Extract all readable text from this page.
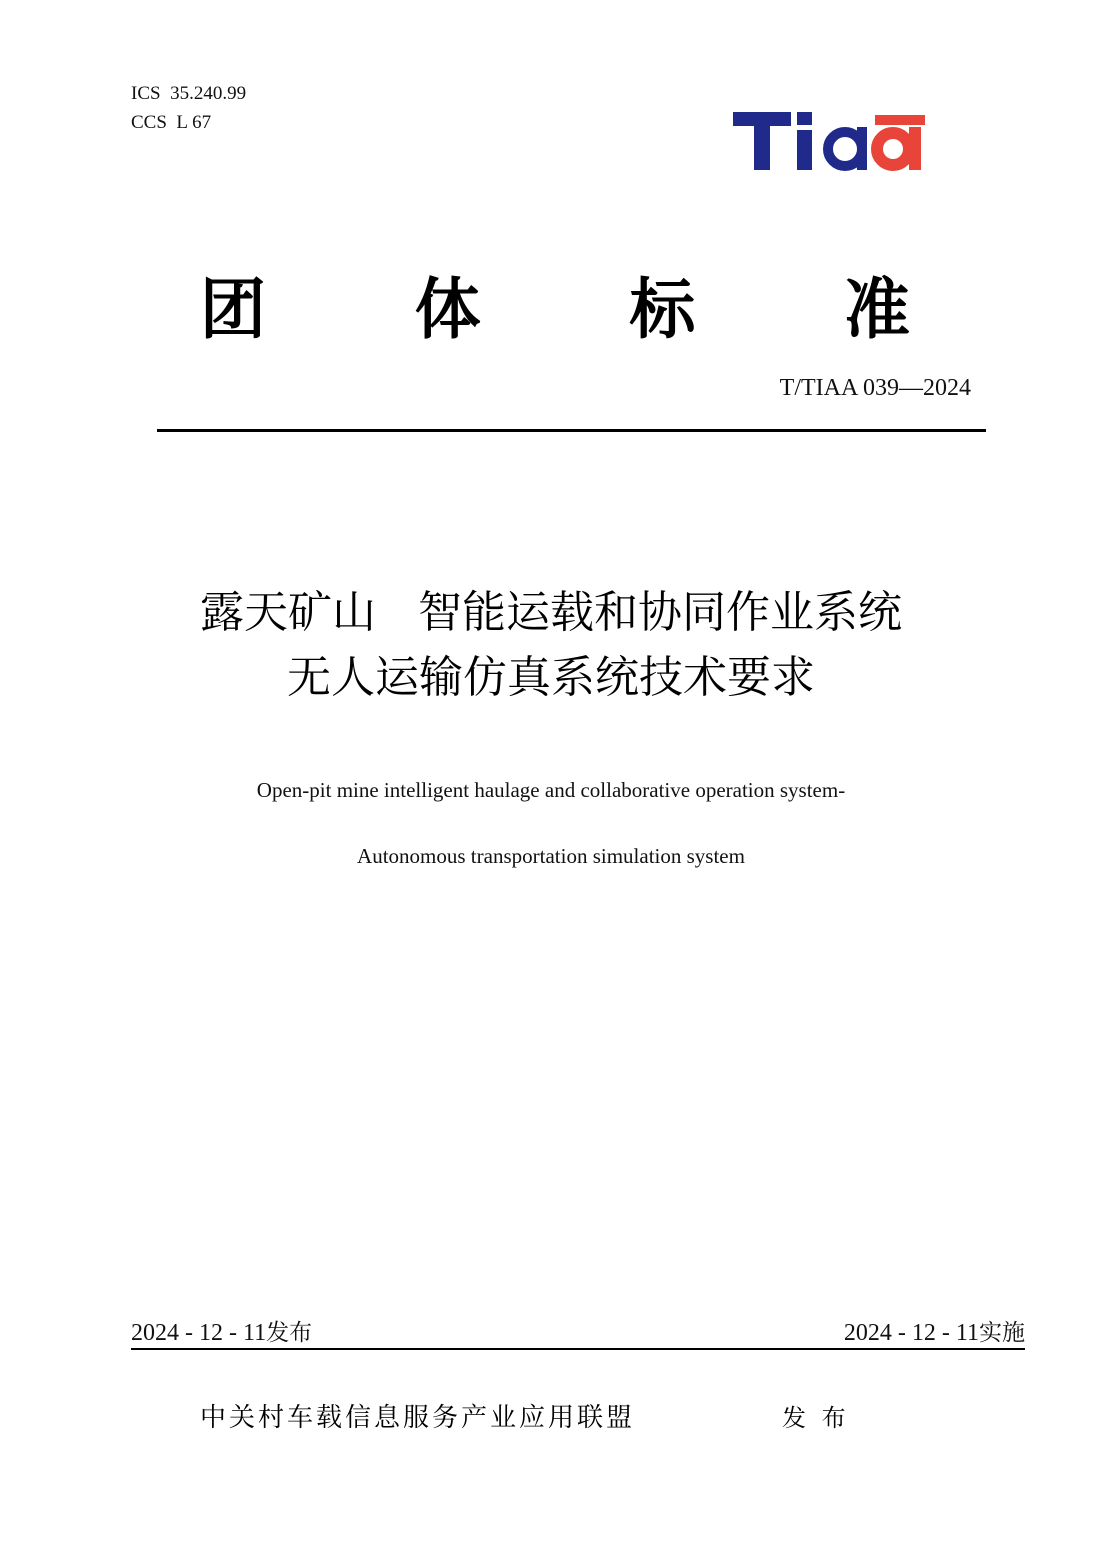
ICS  35.240.99
CCS  L 67
团 体 标 准
T/TIAA 039—2024
露天矿山   智能运载和协同作业系统
无人运输仿真系统技术要求
Open-pit mine intelligent haulage and collaborative operation system-
Autonomous transportation simulation system
2024 - 12 - 11发布	2024 - 12 - 11实施
中关村车载信息服务产业应用联盟	发 布
